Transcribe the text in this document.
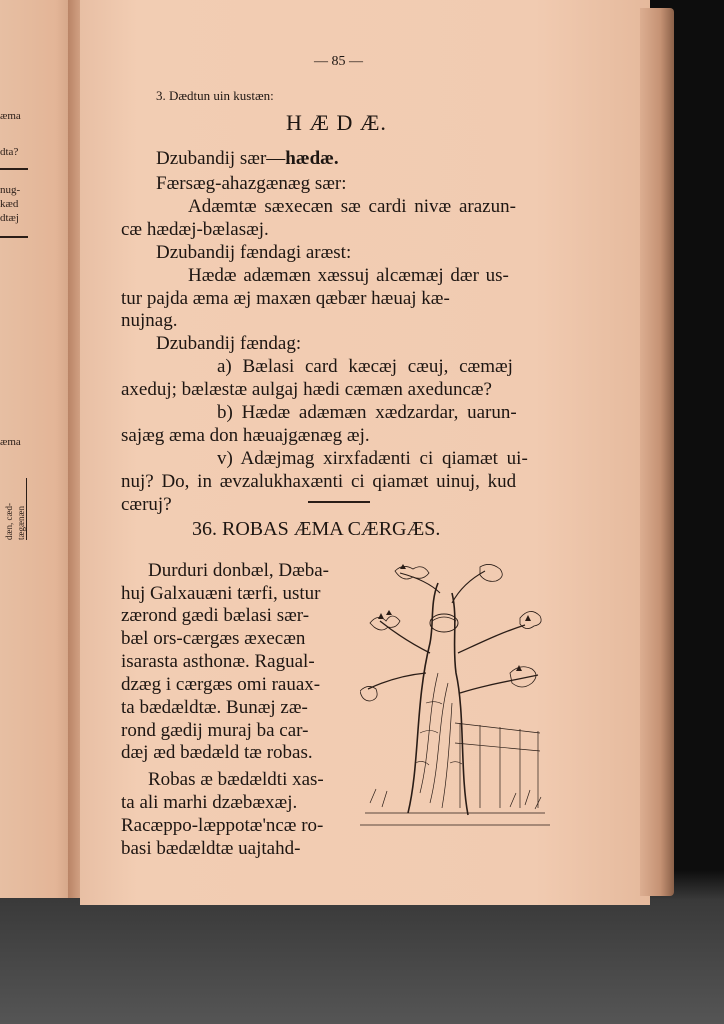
æma
dta?
nug-
kæd
dtæj
æma
dæn, cæd- tægænæn
— 85 —
3. Dædtun uin kustæn:
H Æ D Æ.
Dzubandij sær—hædæ.
Færsæg-ahazgænæg sær:
Adæmtæ sæxecæn sæ cardi nivæ arazun-
cæ hædæj-bælasæj.
Dzubandij fændagi aræst:
Hædæ adæmæn xæssuj alcæmæj dær us-
tur pajda æma æj maxæn qæbær hæuaj kæ-
nujnag.
Dzubandij fændag:
a) Bælasi card kæcæj cæuj, cæmæj
axeduj; bælæstæ aulgaj hædi cæmæn axeduncæ?
b) Hædæ adæmæn xædzardar, uarun-
sajæg æma don hæuajgænæg æj.
v) Adæjmag xirxfadænti ci qiamæt ui-
nuj? Do, in ævzalukhaxænti ci qiamæt uinuj, kud
cæruj?
36. ROBAS ÆMA CÆRGÆS.
Durduri donbæl, Dæba-
huj Galxauæni tærfi, ustur
zærond gædi bælasi sær-
bæl ors-cærgæs æxecæn
isarasta asthonæ. Ragual-
dzæg i cærgæs omi rauax-
ta bædældtæ. Bunæj zæ-
rond gædij muraj ba car-
dæj æd bædæld tæ robas.
Robas æ bædældti xas-
ta ali marhi dzæbæxæj.
Racæppo-læppotæ'ncæ ro-
basi bædældtæ uajtahd-
